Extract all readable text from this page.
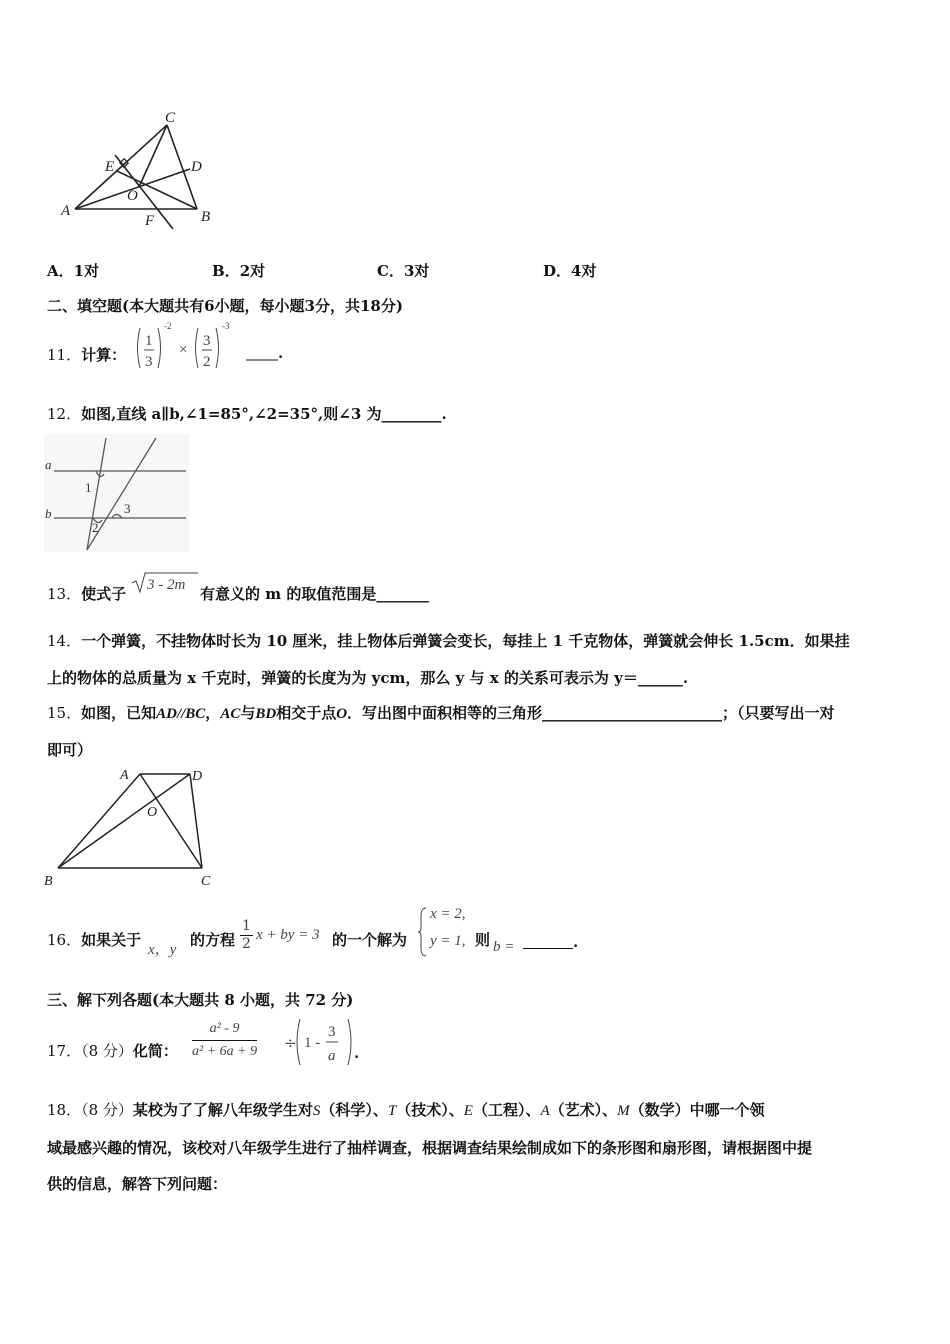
C
E	D
O
A
F	B
A．1对	B．2对	C．3对	D．4对
二、填空题(本大题共有6小题，每小题3分，共18分)
11．计算：
1
3
-2
×
3
2
-3
.
12．如图,直线 a∥b,∠1=85°,∠2=35°,则∠3 为________.
a
b
1
2
3
13．使式子 3 - 2m 有意义的 m 的取值范围是_______
14．一个弹簧，不挂物体时长为 10 厘米，挂上物体后弹簧会变长，每挂上 1 千克物体，弹簧就会伸长 1.5cm．如果挂
上的物体的总质量为 x 千克时，弹簧的长度为为 ycm，那么 y 与 x 的关系可表示为 y＝______.
15．如图，已知AD//BC，AC与BD相交于点O．写出图中面积相等的三角形________________________；（只要写出一对
即可）
A	D
O
B	C
16．如果关于
x，y
的方程 $\frac{1}{2}$ x + by = 3 的一个解为
x = 2,
y = 1, 则 b =	.
三、解下列各题(本大题共 8 小题，共 72 分)
17．（8 分）化简： $\frac{\text{a² - 9}}{\text{a² + 6a + 9}} \div 1$ -
3
a .
18．（8 分）某校为了了解八年级学生对S（科学）、T（技术）、E（工程）、A（艺术）、M（数学）中哪一个领
域最感兴趣的情况，该校对八年级学生进行了抽样调查，根据调查结果绘制成如下的条形图和扇形图，请根据图中提
供的信息，解答下列问题：
